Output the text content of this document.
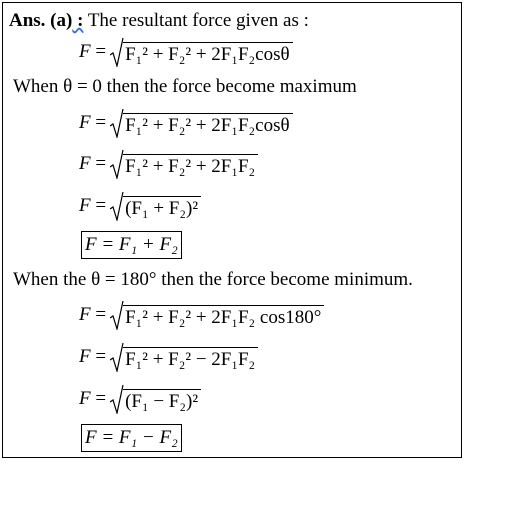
Ans. (a) : The resultant force given as :
F
= F₁² + F₂² + 2F₁F₂cosθ
When θ = 0 then the force become maximum
F
= F₁² + F₂² + 2F₁F₂cosθ
F
= F₁² + F₂² + 2F₁F₂
F
= (F₁ + F₂)²
F = F₁ + F₂
When the θ = 180° then the force become minimum.
F
= F₁² + F₂² + 2F₁F₂ cos180°
F
= F₁² + F₂² − 2F₁F₂
F
= (F₁ − F₂)²
F = F₁ − F₂
